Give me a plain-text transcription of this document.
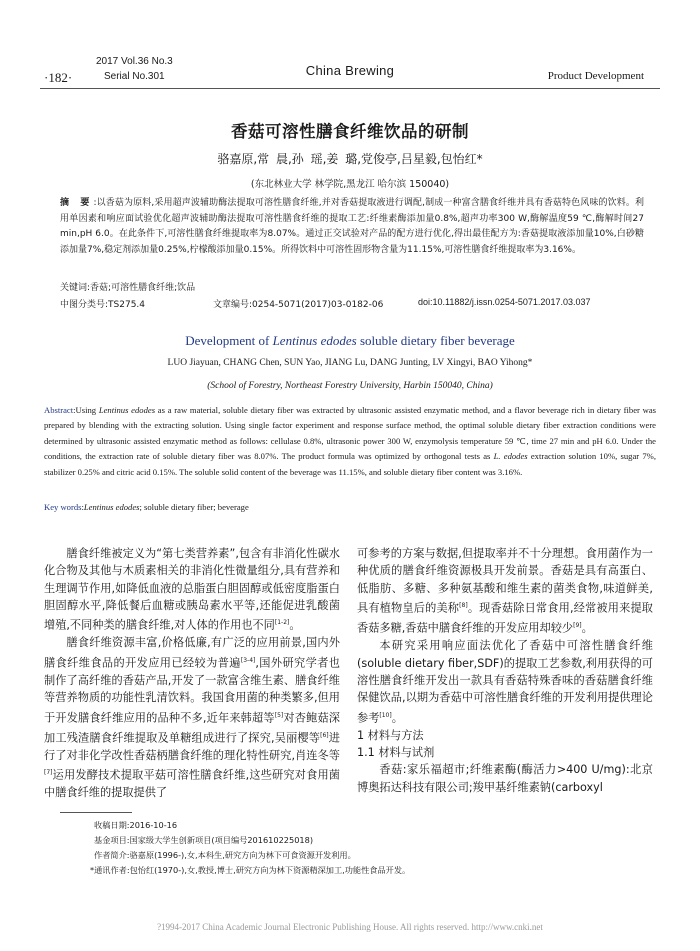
·182·
2017 Vol.36 No.3
Serial No.301	China Brewing	Product Development
香菇可溶性膳食纤维饮品的研制
骆嘉原,常 晨,孙 瑶,姜 璐,党俊亭,吕星毅,包怡红*
(东北林业大学 林学院,黑龙江 哈尔滨 150040)
摘 要:以香菇为原料,采用超声波辅助酶法提取可溶性膳食纤维,并对香菇提取液进行调配,制成一种富含膳食纤维并具有香菇特色风味的饮料。利用单因素和响应面试验优化超声波辅助酶法提取可溶性膳食纤维的提取工艺:纤维素酶添加量0.8%,超声功率300 W,酶解温度59 ℃,酶解时间27 min,pH 6.0。在此条件下,可溶性膳食纤维提取率为8.07%。通过正交试验对产品的配方进行优化,得出最佳配方为:香菇提取液添加量10%,白砂糖添加量7%,稳定剂添加量0.25%,柠檬酸添加量0.15%。所得饮料中可溶性固形物含量为11.15%,可溶性膳食纤维提取率为3.16%。
关键词:香菇;可溶性膳食纤维;饮品
中图分类号:TS275.4	文章编号:0254-5071(2017)03-0182-06	doi:10.11882/j.issn.0254-5071.2017.03.037
Development of Lentinus edodes soluble dietary fiber beverage
LUO Jiayuan, CHANG Chen, SUN Yao, JIANG Lu, DANG Junting, LV Xingyi, BAO Yihong*
(School of Forestry, Northeast Forestry University, Harbin 150040, China)
Abstract:Using Lentinus edodes as a raw material, soluble dietary fiber was extracted by ultrasonic assisted enzymatic method, and a flavor beverage rich in dietary fiber was prepared by blending with the extracting solution. Using single factor experiment and response surface method, the optimal soluble dietary fiber extraction conditions were determined by ultrasonic assisted enzymatic method as follows: cellulase 0.8%, ultrasonic power 300 W, enzymolysis temperature 59 ℃, time 27 min and pH 6.0. Under the conditions, the extraction rate of soluble dietary fiber was 8.07%. The product formula was optimized by orthogonal tests as L. edodes extraction solution 10%, sugar 7%, stabilizer 0.25% and citric acid 0.15%. The soluble solid content of the beverage was 11.15%, and soluble dietary fiber content was 3.16%.
Key words:Lentinus edodes; soluble dietary fiber; beverage

膳食纤维被定义为“第七类营养素”,包含有非消化性碳水化合物及其他与木质素相关的非消化性微量组分,具有营养和生理调节作用,如降低血液的总脂蛋白胆固醇或低密度脂蛋白胆固醇水平,降低餐后血糖或胰岛素水平等,还能促进乳酸菌增殖,不同种类的膳食纤维,对人体的作用也不同[1-2]。

膳食纤维资源丰富,价格低廉,有广泛的应用前景,国内外膳食纤维食品的开发应用已经较为普遍[3-4],国外研究学者也制作了高纤维的香菇产品,开发了一款富含维生素、膳食纤维等营养物质的功能性乳清饮料。我国食用菌的种类繁多,但用于开发膳食纤维应用的品种不多,近年来韩超等[5]对杏鲍菇深加工残渣膳食纤维提取及单糖组成进行了探究,吴丽樱等[6]进行了对非化学改性香菇柄膳食纤维的理化特性研究,肖连冬等[7]运用发酵技术提取平菇可溶性膳食纤维,这些研究对食用菌中膳食纤维的提取提供了

可参考的方案与数据,但提取率并不十分理想。食用菌作为一种优质的膳食纤维资源极具开发前景。香菇是具有高蛋白、低脂肪、多糖、多种氨基酸和维生素的菌类食物,味道鲜美,具有植物皇后的美称[8]。现香菇除日常食用,经常被用来提取香菇多糖,香菇中膳食纤维的开发应用却较少[9]。

本研究采用响应面法优化了香菇中可溶性膳食纤维(soluble dietary fiber,SDF)的提取工艺参数,利用获得的可溶性膳食纤维开发出一款具有香菇特殊香味的香菇膳食纤维保健饮品,以期为香菇中可溶性膳食纤维的开发利用提供理论参考[10]。

1 材料与方法

1.1 材料与试剂

香菇:家乐福超市;纤维素酶(酶活力>400 U/mg):北京博奥拓达科技有限公司;羧甲基纤维素钠(carboxyl

收稿日期:2016-10-16
基金项目:国家级大学生创新项目(项目编号201610225018)
作者简介:骆嘉原(1996-),女,本科生,研究方向为林下可食资源开发利用。
*通讯作者:包怡红(1970-),女,教授,博士,研究方向为林下资源精深加工,功能性食品开发。
?1994-2017 China Academic Journal Electronic Publishing House. All rights reserved. http://www.cnki.net
